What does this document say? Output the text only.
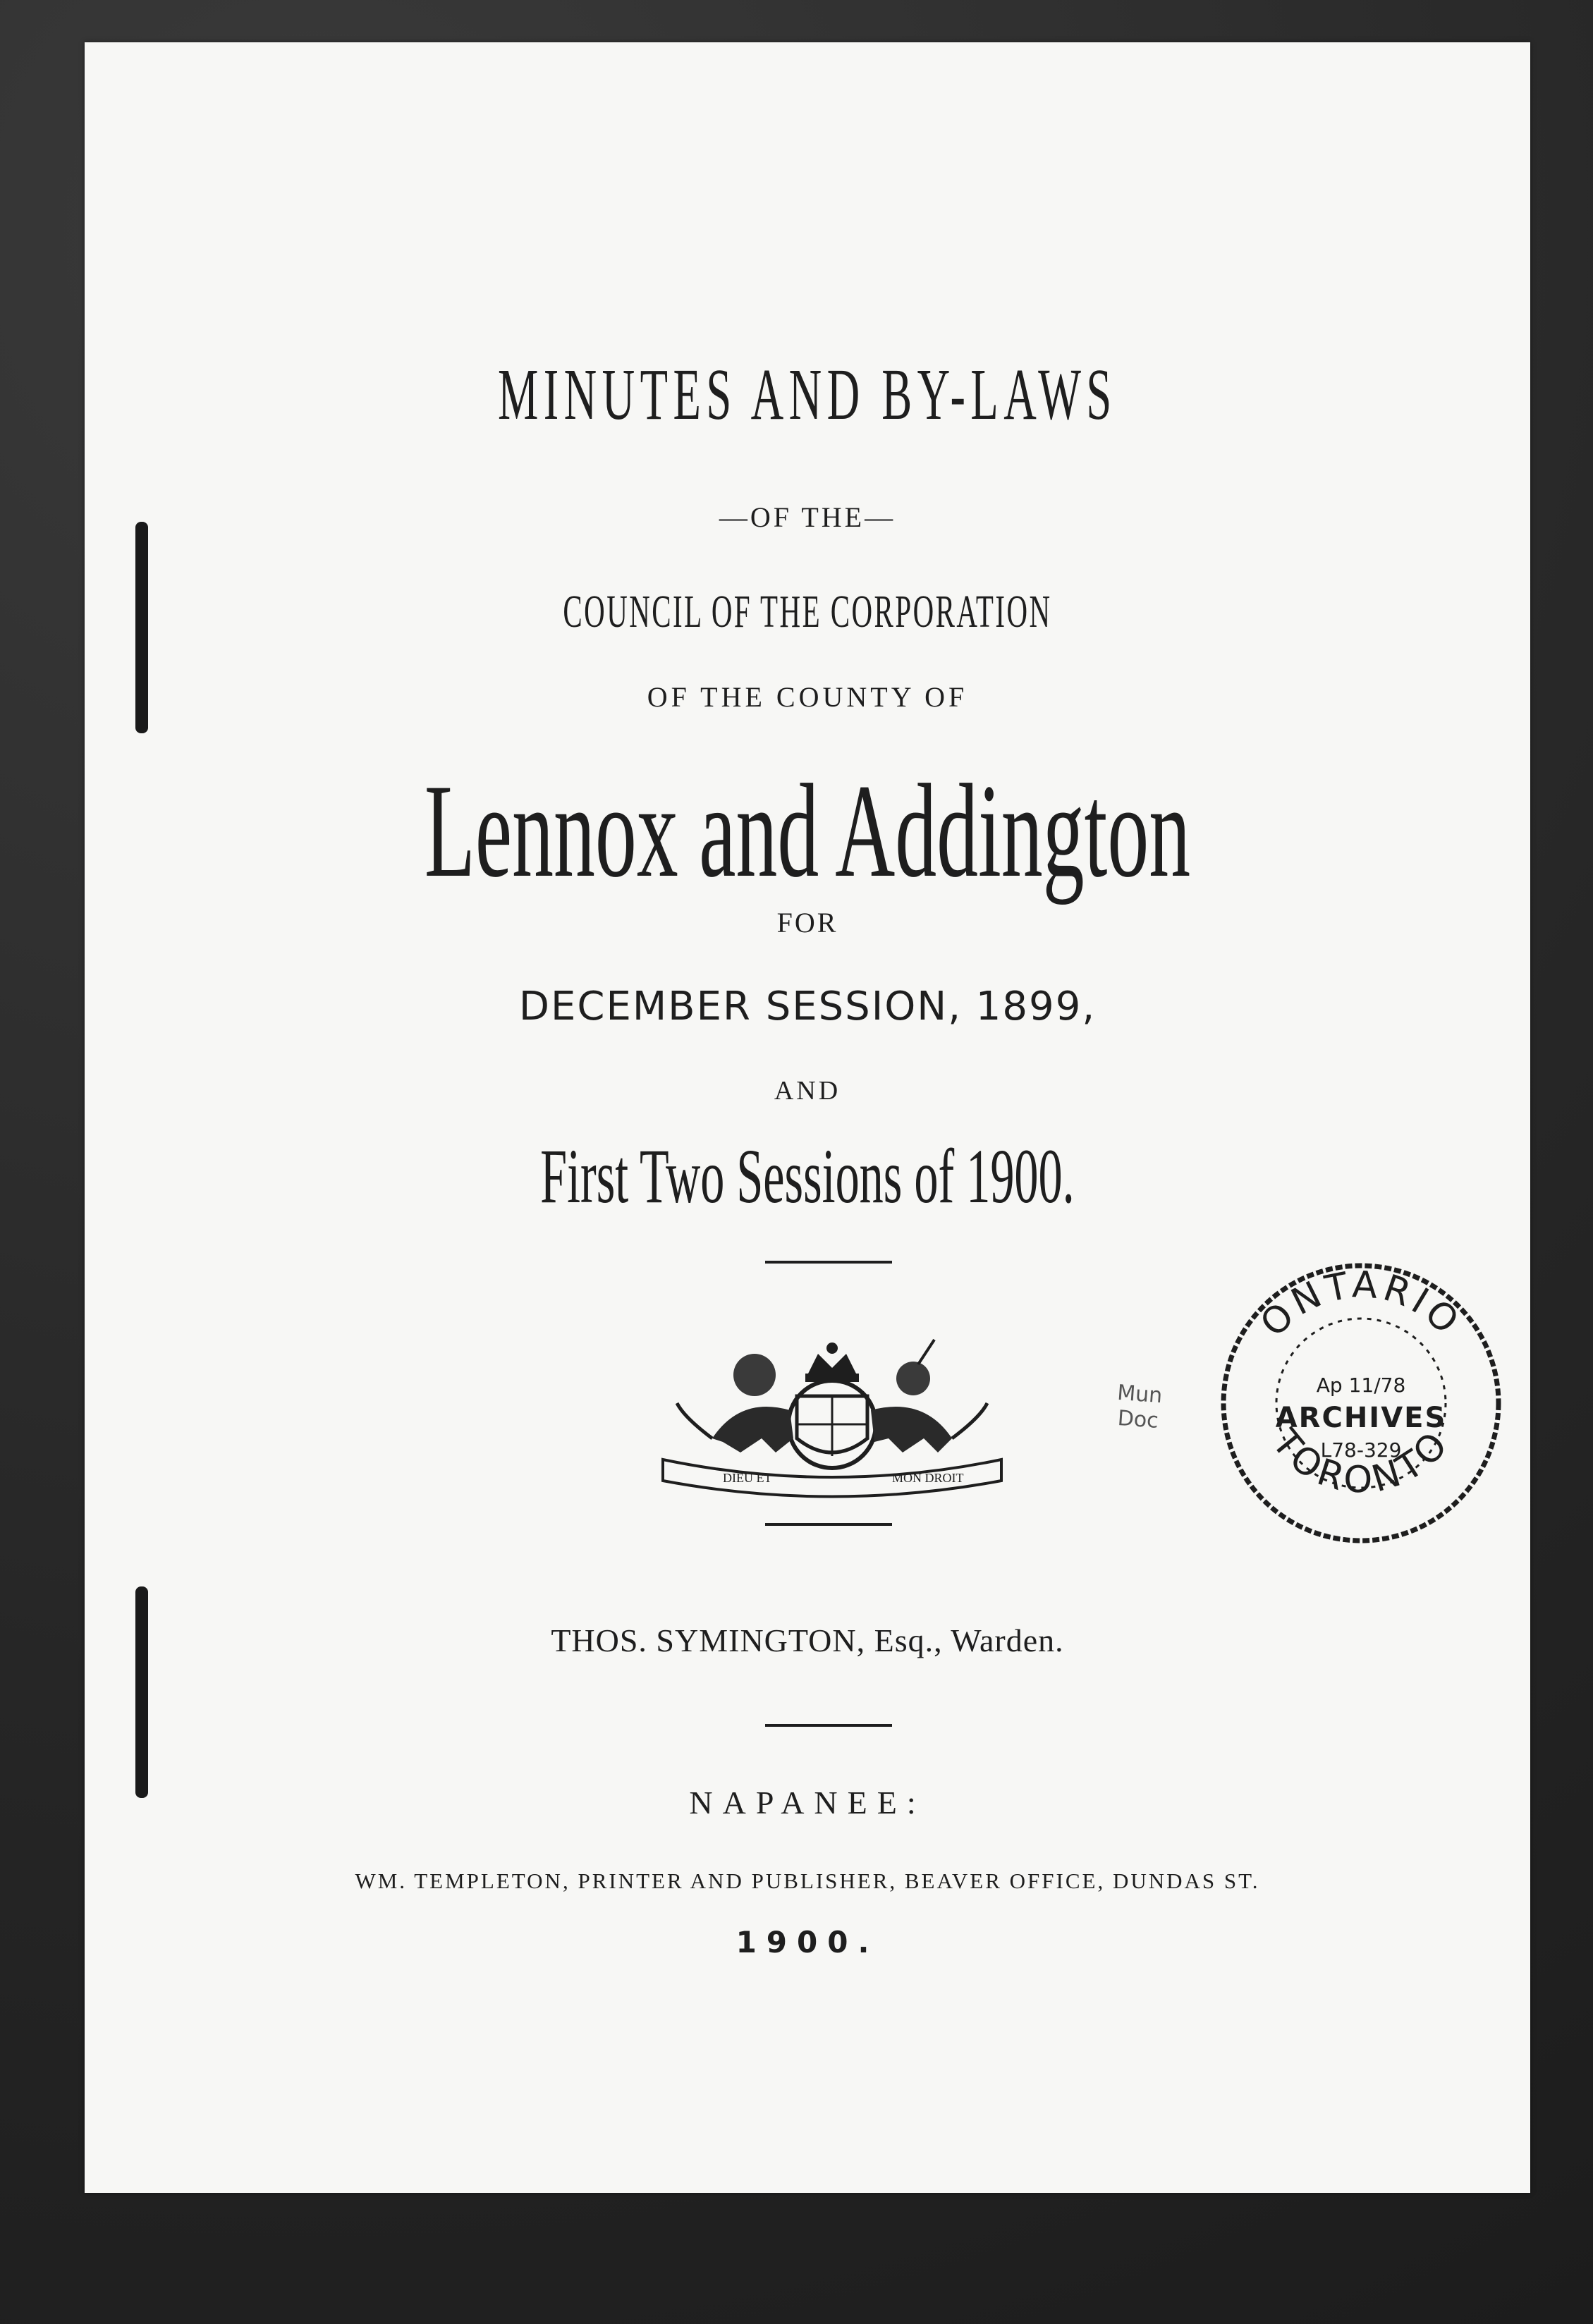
MINUTES AND BY-LAWS

—OF THE—

COUNCIL OF THE CORPORATION

OF THE COUNTY OF

Lennox and Addington

FOR

DECEMBER SESSION, 1899,

AND

First Two Sessions of 1900.

DIEU ET	MON DROIT

THOS. SYMINGTON, Esq., Warden.

NAPANEE:

WM. TEMPLETON, PRINTER AND PUBLISHER, BEAVER OFFICE, DUNDAS ST.

1900.

Mun
Doc
ONTARIO
TORONTO
Ap 11/78
ARCHIVES
L78-329
